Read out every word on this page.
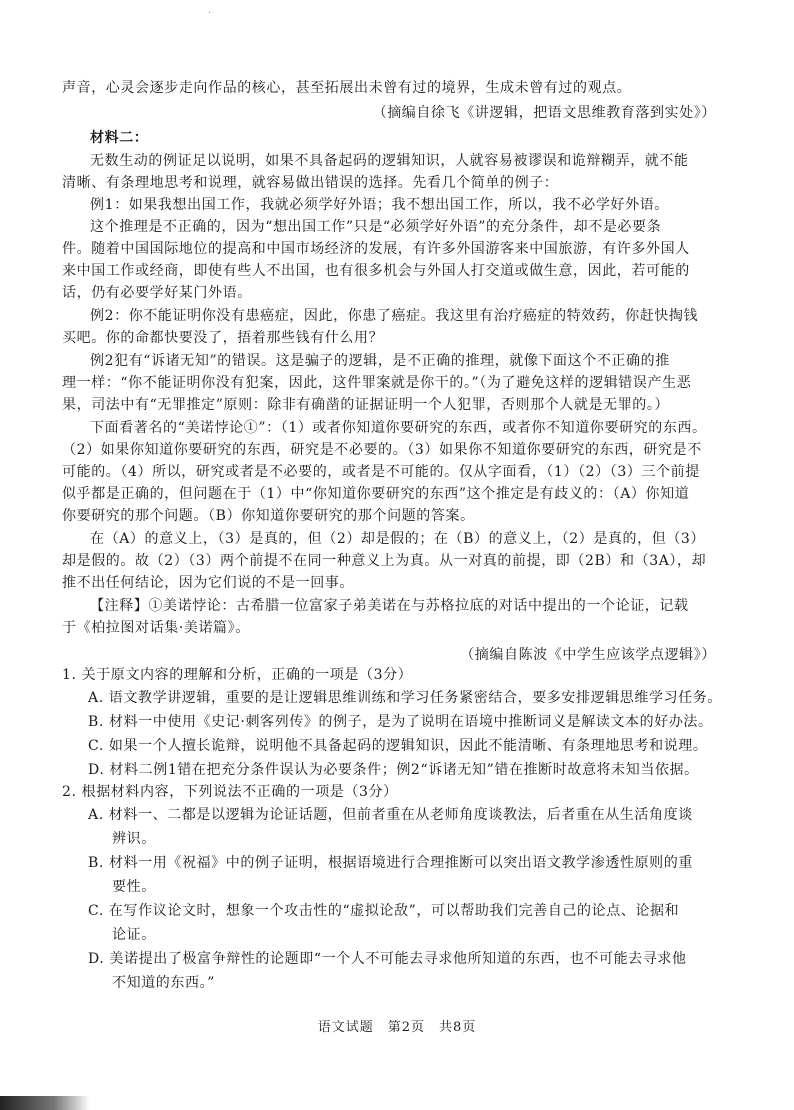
·
声音，心灵会逐步走向作品的核心，甚至拓展出未曾有过的境界，生成未曾有过的观点。
（摘编自徐飞《讲逻辑，把语文思维教育落到实处》）
材料二：
无数生动的例证足以说明，如果不具备起码的逻辑知识，人就容易被谬误和诡辩糊弄，就不能
清晰、有条理地思考和说理，就容易做出错误的选择。先看几个简单的例子：
例1：如果我想出国工作，我就必须学好外语；我不想出国工作，所以，我不必学好外语。
这个推理是不正确的，因为“想出国工作”只是“必须学好外语”的充分条件，却不是必要条
件。随着中国国际地位的提高和中国市场经济的发展，有许多外国游客来中国旅游，有许多外国人
来中国工作或经商，即使有些人不出国，也有很多机会与外国人打交道或做生意，因此，若可能的
话，仍有必要学好某门外语。
例2：你不能证明你没有患癌症，因此，你患了癌症。我这里有治疗癌症的特效药，你赶快掏钱
买吧。你的命都快要没了，捂着那些钱有什么用？
例2犯有“诉诸无知”的错误。这是骗子的逻辑，是不正确的推理，就像下面这个不正确的推
理一样：“你不能证明你没有犯案，因此，这件罪案就是你干的。”（为了避免这样的逻辑错误产生恶
果，司法中有“无罪推定”原则：除非有确凿的证据证明一个人犯罪，否则那个人就是无罪的。）
下面看著名的“美诺悖论①”：（1）或者你知道你要研究的东西，或者你不知道你要研究的东西。
（2）如果你知道你要研究的东西，研究是不必要的。（3）如果你不知道你要研究的东西，研究是不
可能的。（4）所以，研究或者是不必要的，或者是不可能的。仅从字面看，（1）（2）（3）三个前提
似乎都是正确的，但问题在于（1）中“你知道你要研究的东西”这个推定是有歧义的：（A）你知道
你要研究的那个问题。（B）你知道你要研究的那个问题的答案。
在（A）的意义上，（3）是真的，但（2）却是假的；在（B）的意义上，（2）是真的，但（3）
却是假的。故（2）（3）两个前提不在同一种意义上为真。从一对真的前提，即（2B）和（3A），却
推不出任何结论，因为它们说的不是一回事。
【注释】①美诺悖论：古希腊一位富家子弟美诺在与苏格拉底的对话中提出的一个论证，记载
于《柏拉图对话集·美诺篇》。
（摘编自陈波《中学生应该学点逻辑》）
1. 关于原文内容的理解和分析，正确的一项是（3分）
A. 语文教学讲逻辑，重要的是让逻辑思维训练和学习任务紧密结合，要多安排逻辑思维学习任务。
B. 材料一中使用《史记·刺客列传》的例子，是为了说明在语境中推断词义是解读文本的好办法。
C. 如果一个人擅长诡辩，说明他不具备起码的逻辑知识，因此不能清晰、有条理地思考和说理。
D. 材料二例1错在把充分条件误认为必要条件；例2“诉诸无知”错在推断时故意将未知当依据。
2. 根据材料内容，下列说法不正确的一项是（3分）
A. 材料一、二都是以逻辑为论证话题，但前者重在从老师角度谈教法，后者重在从生活角度谈
辨识。
B. 材料一用《祝福》中的例子证明，根据语境进行合理推断可以突出语文教学渗透性原则的重
要性。
C. 在写作议论文时，想象一个攻击性的“虚拟论敌”，可以帮助我们完善自己的论点、论据和
论证。
D. 美诺提出了极富争辩性的论题即“一个人不可能去寻求他所知道的东西，也不可能去寻求他
不知道的东西。”
语文试题　第2页　共8页
